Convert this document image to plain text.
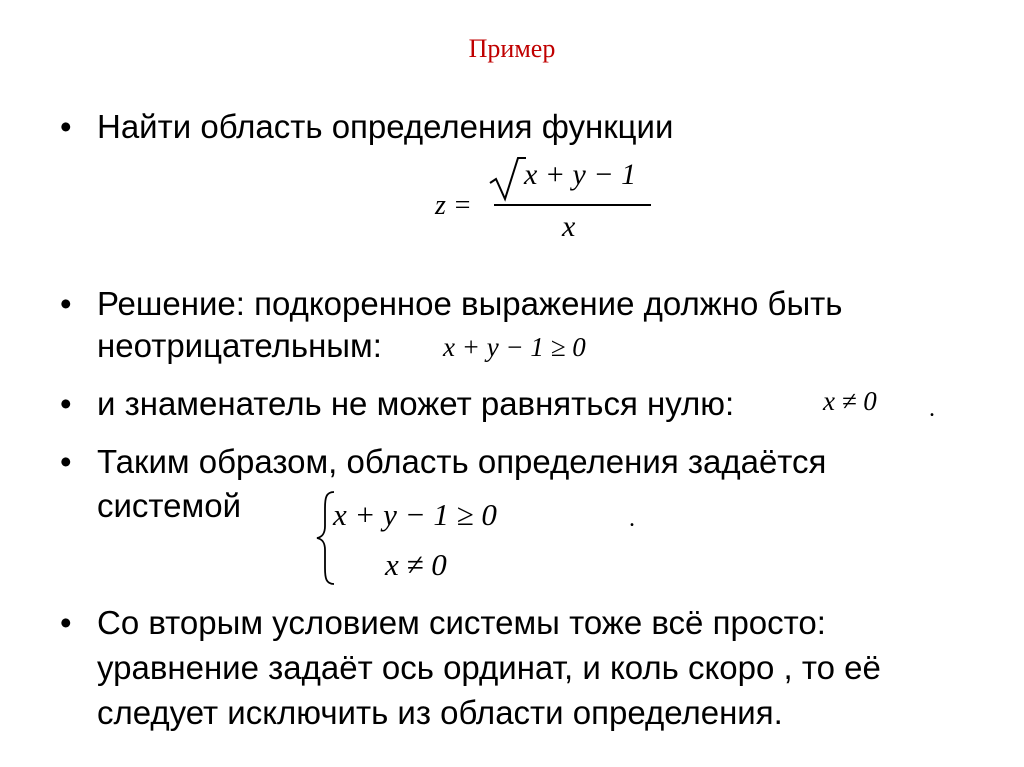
Пример
• Найти область определения функции
z =
x + y − 1
x
• Решение: подкоренное выражение должно быть
неотрицательным: x + y − 1 ≥ 0
• и знаменатель не может равняться нулю:	x ≠ 0 .
• Таким образом, область определения задаётся
системой	x + y − 1 ≥ 0
x ≠ 0
.
• Со вторым условием системы тоже всё просто:
уравнение задаёт ось ординат, и коль скоро , то её
следует исключить из области определения.
